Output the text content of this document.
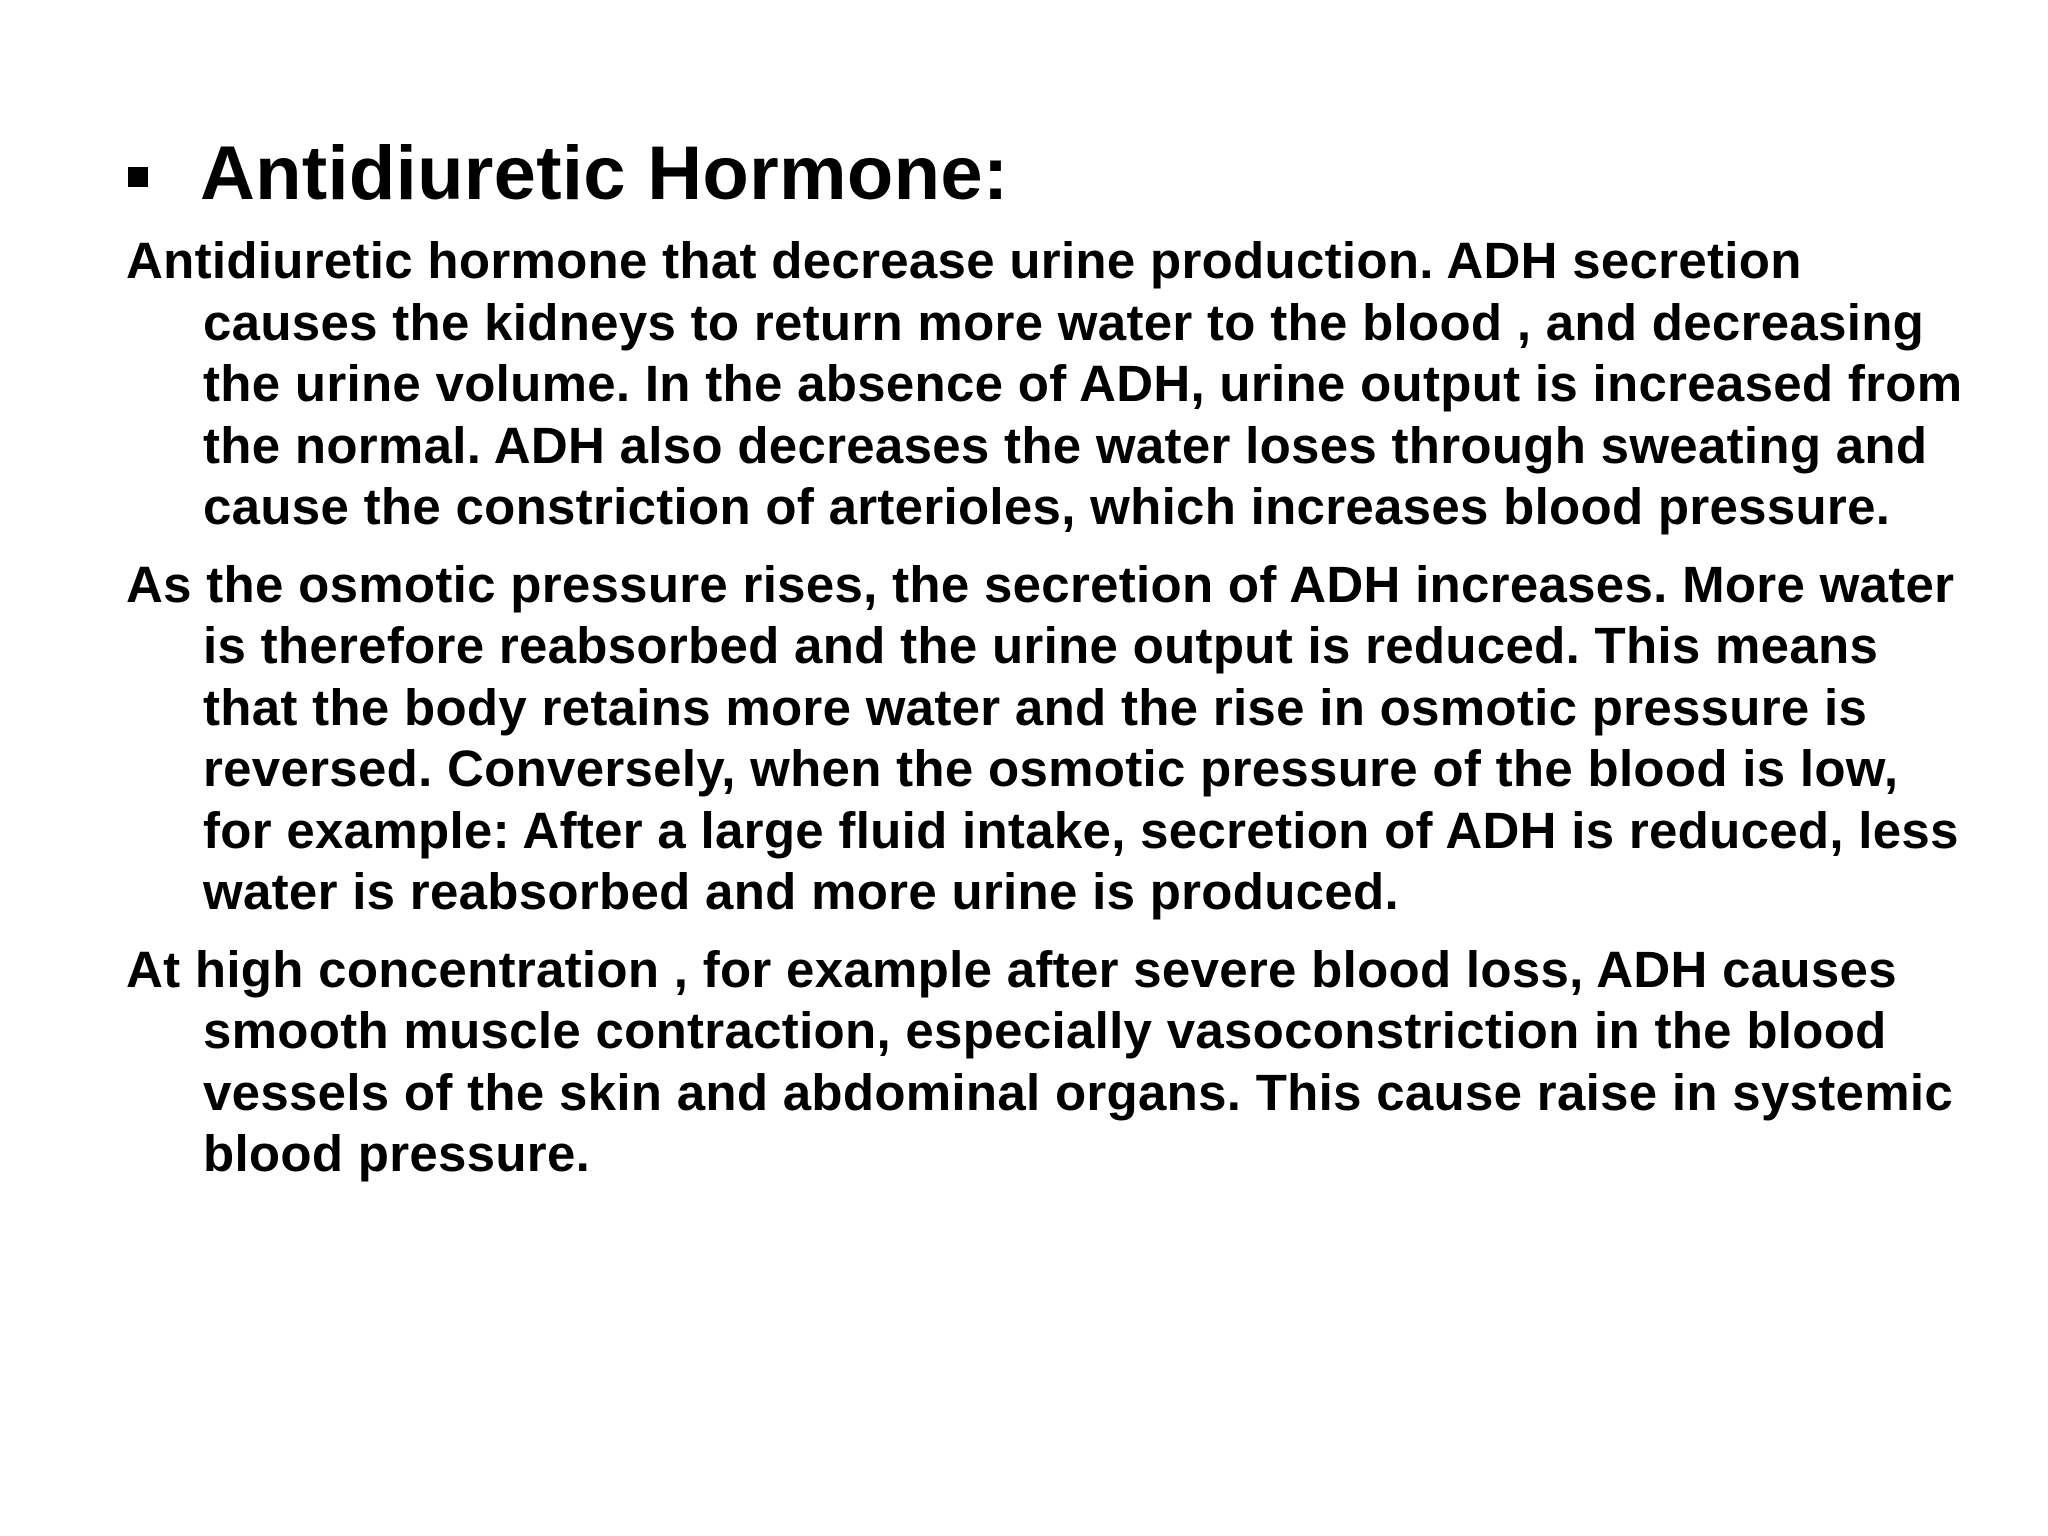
Antidiuretic Hormone:

Antidiuretic hormone that decrease urine production. ADH secretion causes the kidneys to return more water to the blood , and decreasing the urine volume. In the absence of ADH, urine output is increased from the normal. ADH also decreases the water loses through sweating and cause the constriction of arterioles, which increases blood pressure.

As the osmotic pressure rises, the secretion of ADH increases. More water is therefore reabsorbed and the urine output is reduced. This means that the body retains more water and the rise in osmotic pressure is reversed. Conversely, when the osmotic pressure of the blood is low, for example: After a large fluid intake, secretion of ADH is reduced, less water is reabsorbed and more urine is produced.

At high concentration , for example after severe blood loss, ADH causes smooth muscle contraction, especially vasoconstriction in the blood vessels of the skin and abdominal organs. This cause raise in systemic blood pressure.
